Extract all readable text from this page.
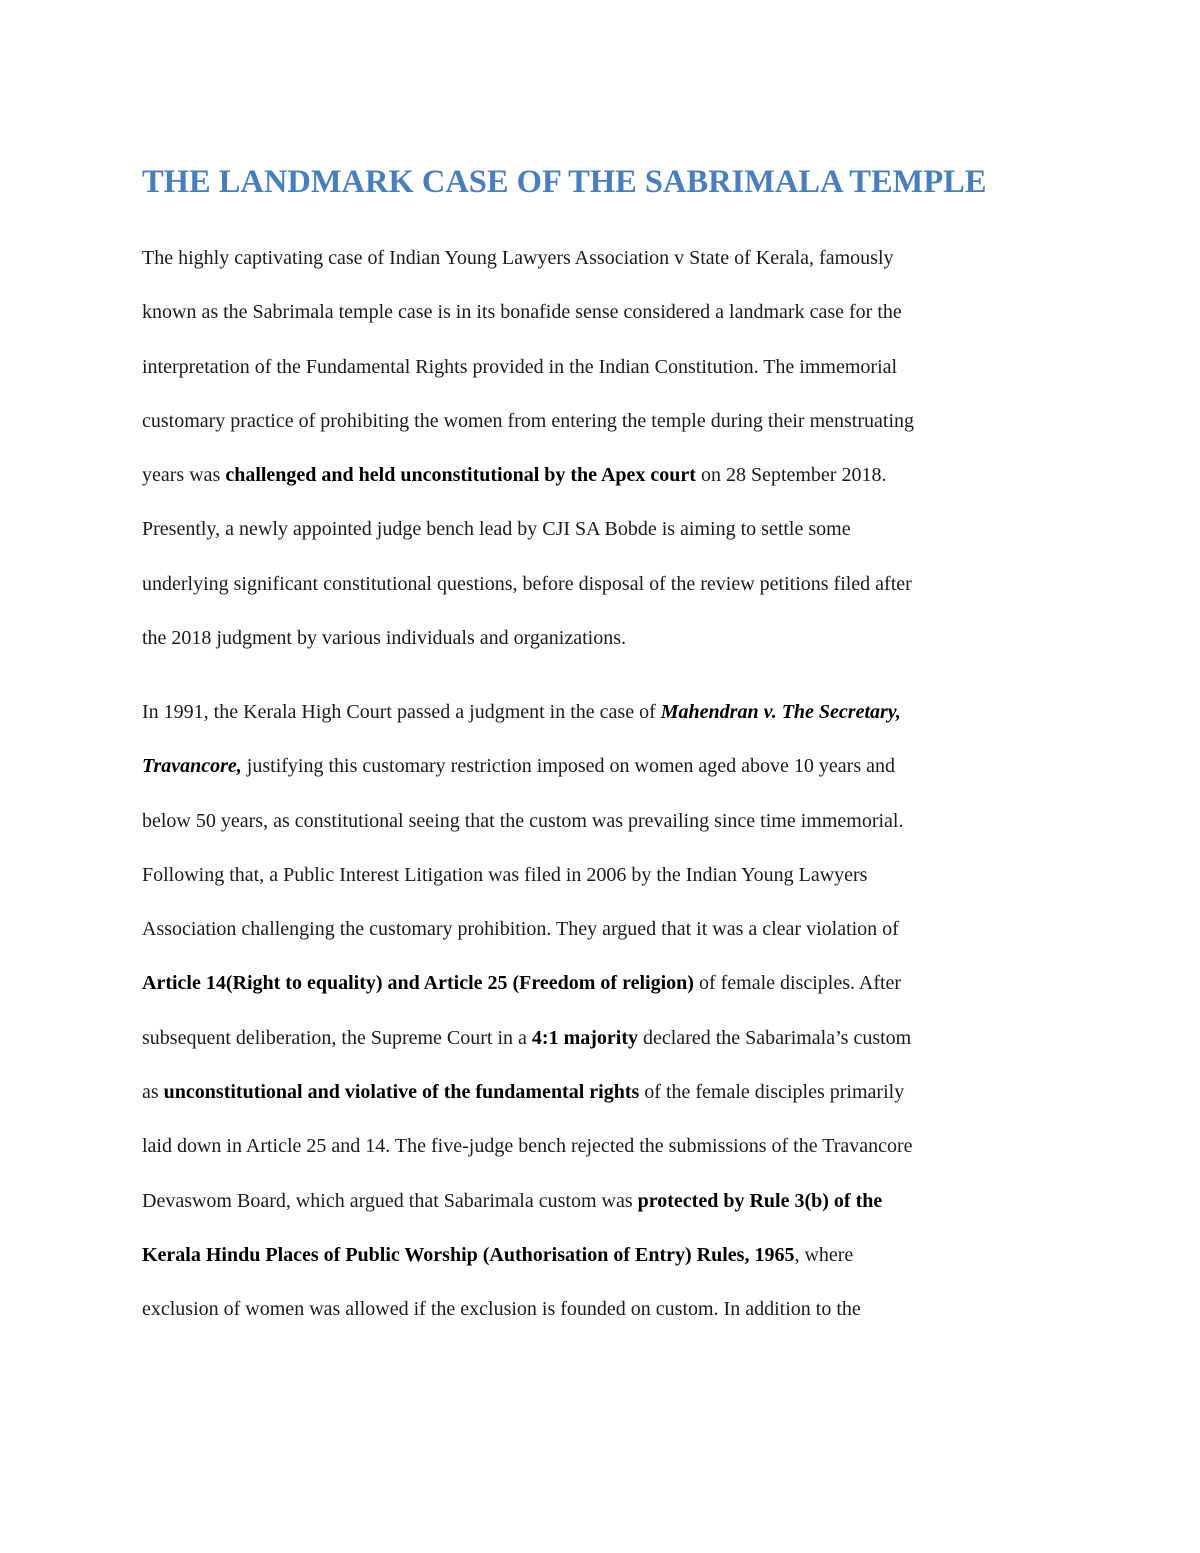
THE LANDMARK CASE OF THE SABRIMALA TEMPLE
The highly captivating case of Indian Young Lawyers Association v State of Kerala, famously
known as the Sabrimala temple case is in its bonafide sense considered a landmark case for the
interpretation of the Fundamental Rights provided in the Indian Constitution. The immemorial
customary practice of prohibiting the women from entering the temple during their menstruating
years was challenged and held unconstitutional by the Apex court on 28 September 2018.
Presently, a newly appointed judge bench lead by CJI SA Bobde is aiming to settle some
underlying significant constitutional questions, before disposal of the review petitions filed after
the 2018 judgment by various individuals and organizations.
In 1991, the Kerala High Court passed a judgment in the case of Mahendran v. The Secretary,
Travancore, justifying this customary restriction imposed on women aged above 10 years and
below 50 years, as constitutional seeing that the custom was prevailing since time immemorial.
Following that, a Public Interest Litigation was filed in 2006 by the Indian Young Lawyers
Association challenging the customary prohibition. They argued that it was a clear violation of
Article 14(Right to equality) and Article 25 (Freedom of religion) of female disciples. After
subsequent deliberation, the Supreme Court in a 4:1 majority declared the Sabarimala’s custom
as unconstitutional and violative of the fundamental rights of the female disciples primarily
laid down in Article 25 and 14. The five-judge bench rejected the submissions of the Travancore
Devaswom Board, which argued that Sabarimala custom was protected by Rule 3(b) of the
Kerala Hindu Places of Public Worship (Authorisation of Entry) Rules, 1965, where
exclusion of women was allowed if the exclusion is founded on custom. In addition to the
